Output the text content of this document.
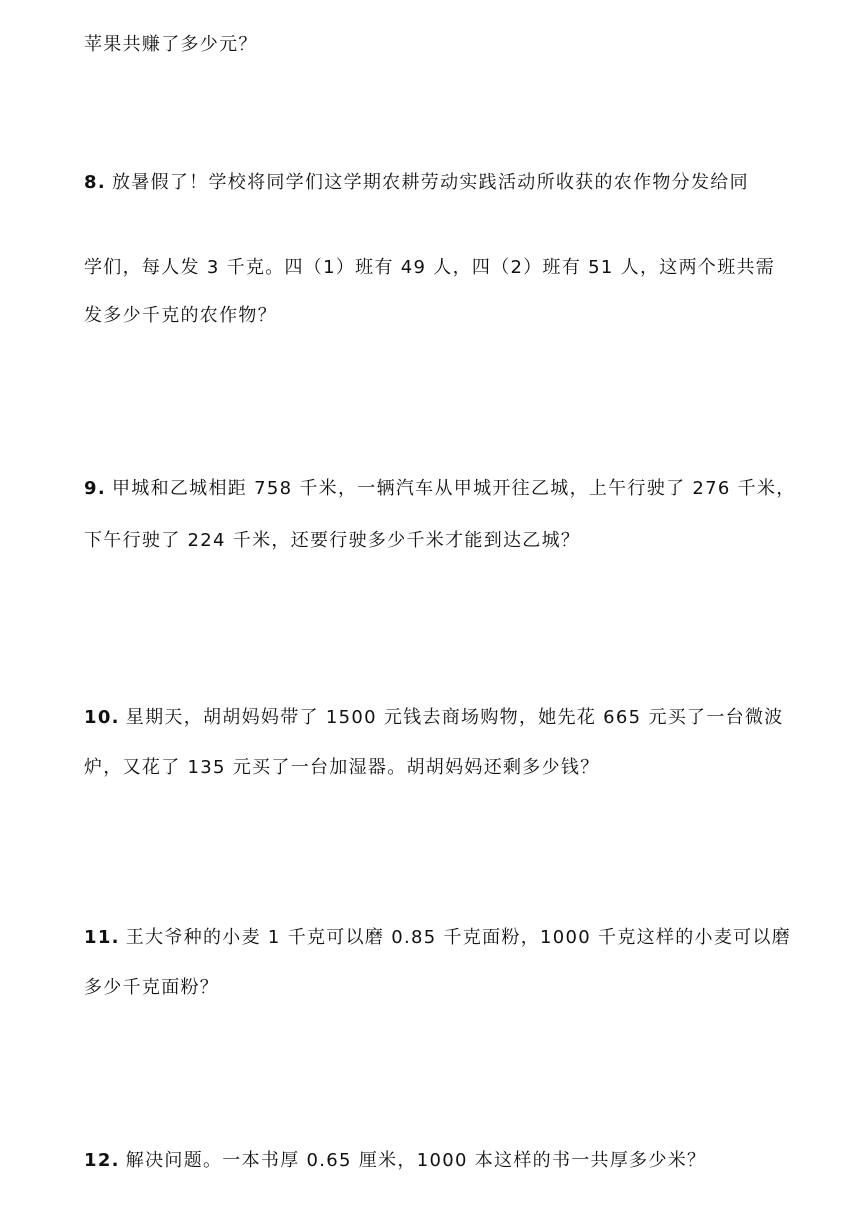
苹果共赚了多少元？
8. 放暑假了！学校将同学们这学期农耕劳动实践活动所收获的农作物分发给同
学们，每人发 3 千克。四（1）班有 49 人，四（2）班有 51 人，这两个班共需
发多少千克的农作物？
9. 甲城和乙城相距 758 千米，一辆汽车从甲城开往乙城，上午行驶了 276 千米，
下午行驶了 224 千米，还要行驶多少千米才能到达乙城？
10. 星期天，胡胡妈妈带了 1500 元钱去商场购物，她先花 665 元买了一台微波
炉，又花了 135 元买了一台加湿器。胡胡妈妈还剩多少钱？
11. 王大爷种的小麦 1 千克可以磨 0.85 千克面粉，1000 千克这样的小麦可以磨
多少千克面粉？
12. 解决问题。一本书厚 0.65 厘米，1000 本这样的书一共厚多少米？
